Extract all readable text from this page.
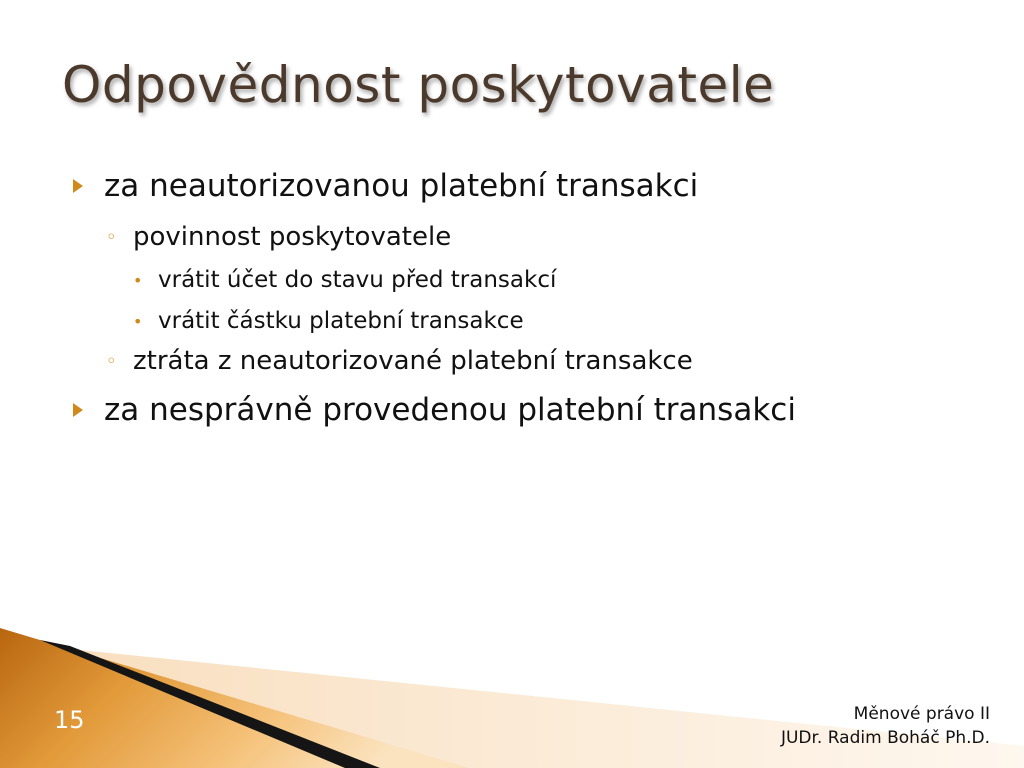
Odpovědnost poskytovatele
za neautorizovanou platební transakci
◦ povinnost poskytovatele
• vrátit účet do stavu před transakcí
• vrátit částku platební transakce
◦ ztráta z neautorizované platební transakce
za nesprávně provedenou platební transakci
15	Měnové právo II
JUDr. Radim Boháč Ph.D.
